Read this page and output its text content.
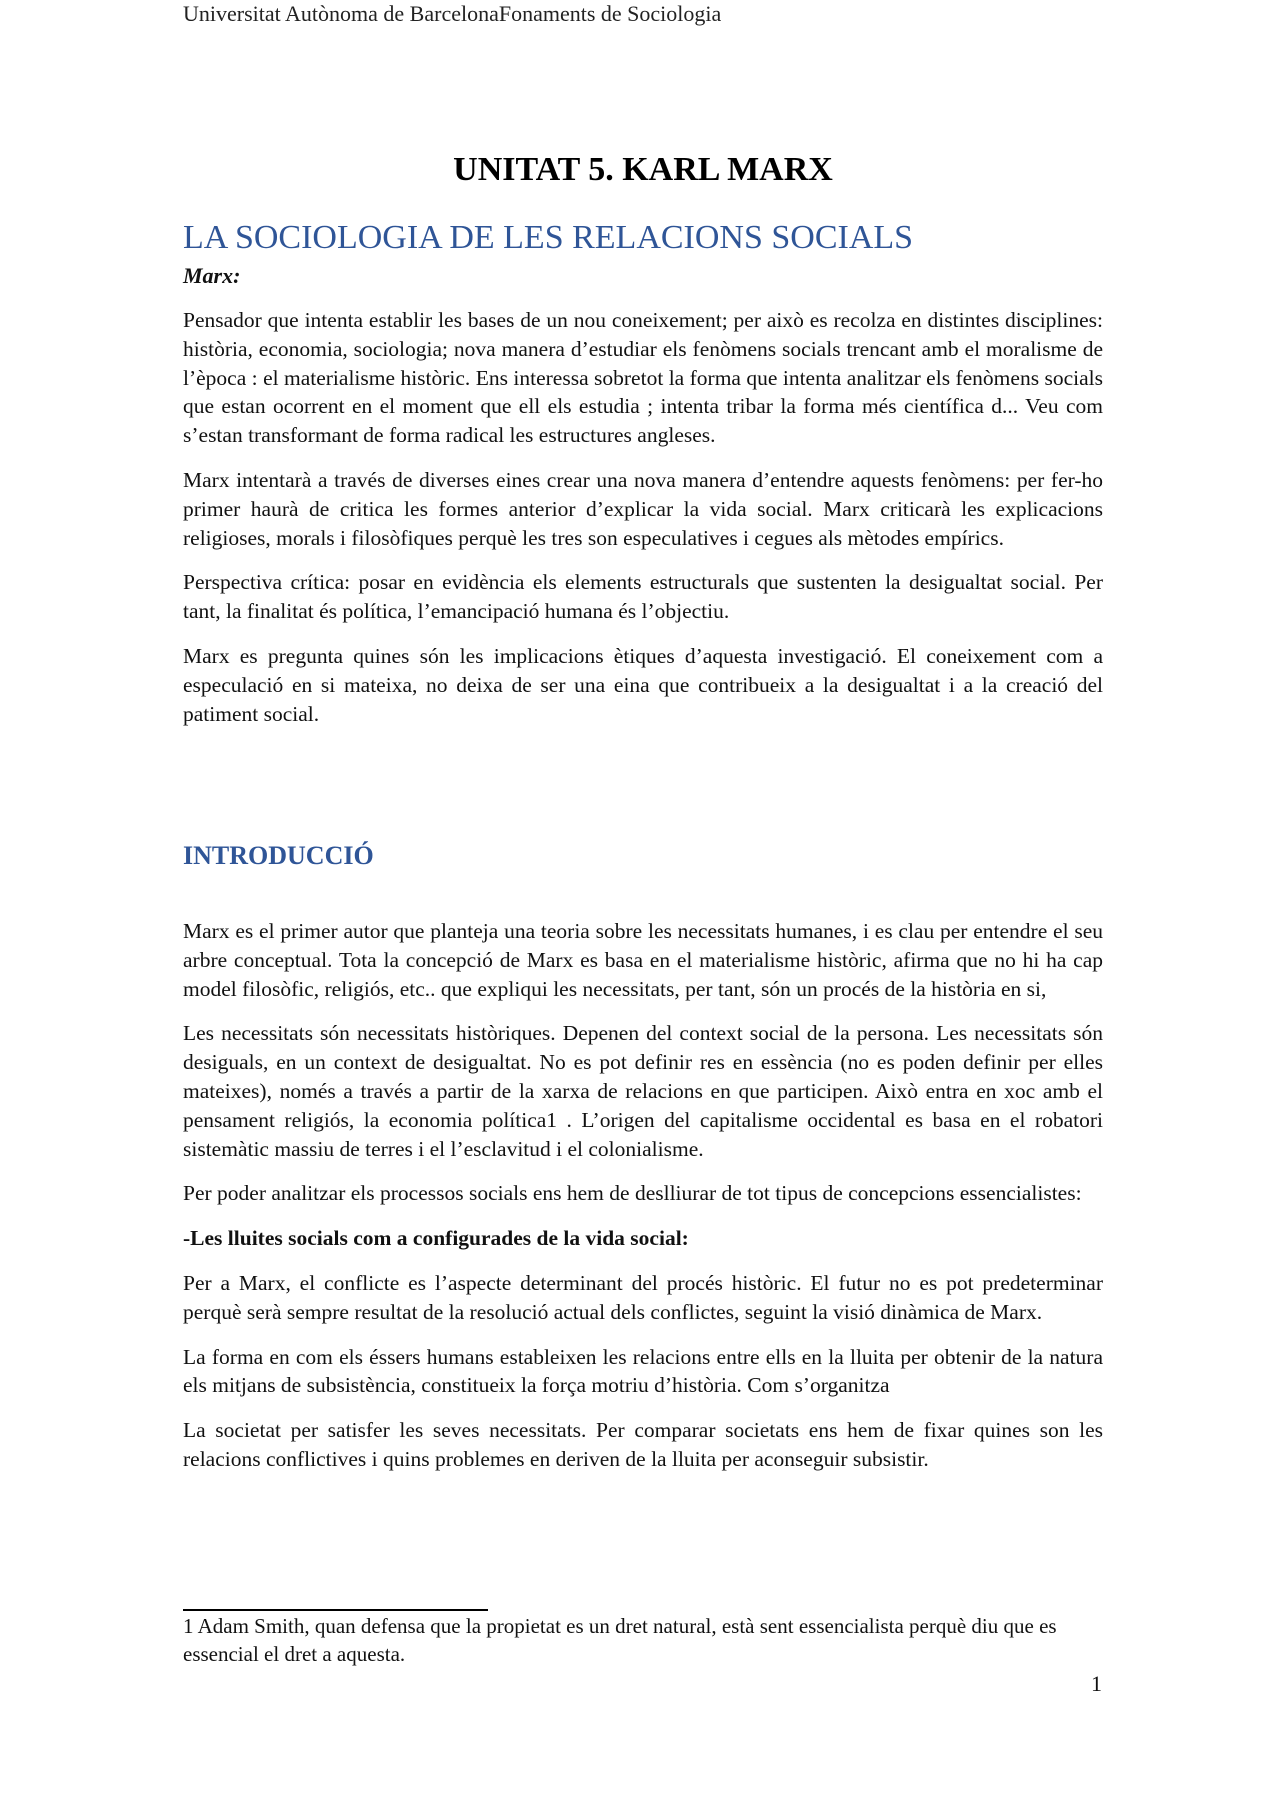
Universitat Autònoma de BarcelonaFonaments de Sociologia
UNITAT 5. KARL MARX
LA SOCIOLOGIA DE LES RELACIONS SOCIALS
Marx:

Pensador que intenta establir les bases de un nou coneixement; per això es recolza en distintes disciplines: història, economia, sociologia; nova manera d’estudiar els fenòmens socials trencant amb el moralisme de l’època : el materialisme històric. Ens interessa sobretot la forma que intenta analitzar els fenòmens socials que estan ocorrent en el moment que ell els estudia ; intenta tribar la forma més científica d... Veu com s’estan transformant de forma radical les estructures angleses.

Marx intentarà a través de diverses eines crear una nova manera d’entendre aquests fenòmens: per fer-ho primer haurà de critica les formes anterior d’explicar la vida social. Marx criticarà les explicacions religioses, morals i filosòfiques perquè les tres son especulatives i cegues als mètodes empírics.

Perspectiva crítica: posar en evidència els elements estructurals que sustenten la desigualtat social. Per tant, la finalitat és política, l’emancipació humana és l’objectiu.

Marx es pregunta quines són les implicacions ètiques d’aquesta investigació. El coneixement com a especulació en si mateixa, no deixa de ser una eina que contribueix a la desigualtat i a la creació del patiment social.

INTRODUCCIÓ

Marx es el primer autor que planteja una teoria sobre les necessitats humanes, i es clau per entendre el seu arbre conceptual. Tota la concepció de Marx es basa en el materialisme històric, afirma que no hi ha cap model filosòfic, religiós, etc.. que expliqui les necessitats, per tant, són un procés de la història en si,

Les necessitats són necessitats històriques. Depenen del context social de la persona. Les necessitats són desiguals, en un context de desigualtat. No es pot definir res en essència (no es poden definir per elles mateixes), només a través a partir de la xarxa de relacions en que participen. Això entra en xoc amb el pensament religiós, la economia política1 . L’origen del capitalisme occidental es basa en el robatori sistemàtic massiu de terres i el l’esclavitud i el colonialisme.

Per poder analitzar els processos socials ens hem de deslliurar de tot tipus de concepcions essencialistes:

-Les lluites socials com a configurades de la vida social:

Per a Marx, el conflicte es l’aspecte determinant del procés històric. El futur no es pot predeterminar perquè serà sempre resultat de la resolució actual dels conflictes, seguint la visió dinàmica de Marx.

La forma en com els éssers humans estableixen les relacions entre ells en la lluita per obtenir de la natura els mitjans de subsistència, constitueix la força motriu d’història. Com s’organitza

La societat per satisfer les seves necessitats. Per comparar societats ens hem de fixar quines son les relacions conflictives i quins problemes en deriven de la lluita per aconseguir subsistir.

1 Adam Smith, quan defensa que la propietat es un dret natural, està sent essencialista perquè diu que es essencial el dret a aquesta.
1
